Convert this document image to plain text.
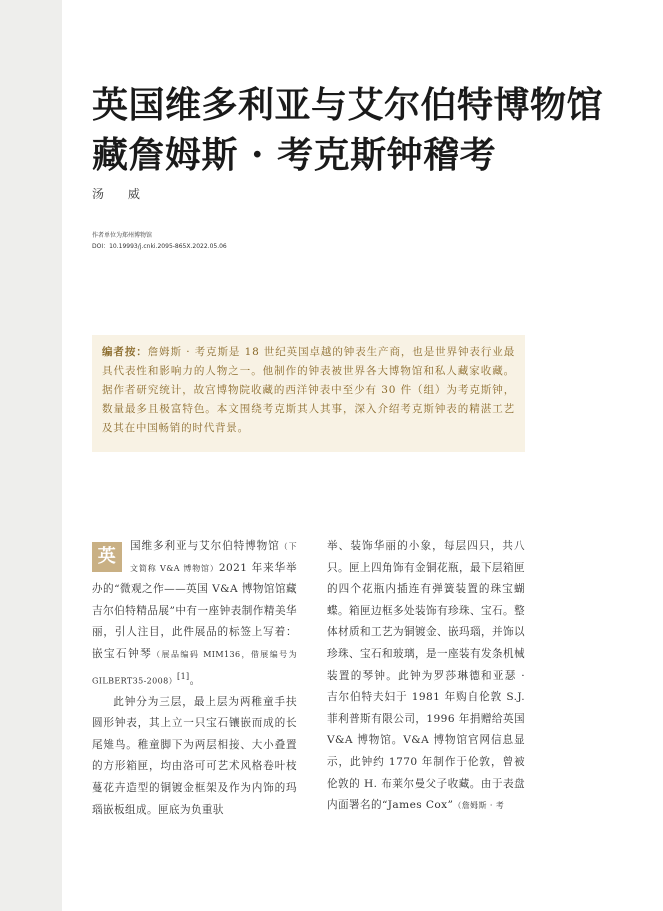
英国维多利亚与艾尔伯特博物馆
藏詹姆斯 · 考克斯钟稽考
汤 威
作者单位为郑州博物馆
DOI：10.19993/j.cnki.2095-865X.2022.05.06

编者按：詹姆斯 · 考克斯是 18 世纪英国卓越的钟表生产商，也是世界钟表行业最具代表性和影响力的人物之一。他制作的钟表被世界各大博物馆和私人藏家收藏。据作者研究统计，故宫博物院收藏的西洋钟表中至少有 30 件（组）为考克斯钟，数量最多且极富特色。本文围绕考克斯其人其事，深入介绍考克斯钟表的精湛工艺及其在中国畅销的时代背景。

英	国维多利亚与艾尔伯特博物馆（下文简称 V&A 博物馆）2021 年来华举办的“微观之作——英国 V&A 博物馆馆藏吉尔伯特精品展”中有一座钟表制作精美华丽，引人注目，此件展品的标签上写着：嵌宝石钟琴（展品编码 MIM136，借展编号为 GILBERT35-2008）[1]。

此钟分为三层，最上层为两稚童手扶圆形钟表，其上立一只宝石镶嵌而成的长尾雉鸟。稚童脚下为两层相接、大小叠置的方形箱匣，均由洛可可艺术风格卷叶枝蔓花卉造型的铜镀金框架及作为内饰的玛瑙嵌板组成。匣底为负重驮

举、装饰华丽的小象，每层四只，共八只。匣上四角饰有金铜花瓶，最下层箱匣的四个花瓶内插连有弹簧装置的珠宝蝴蝶。箱匣边框多处装饰有珍珠、宝石。整体材质和工艺为铜镀金、嵌玛瑙，并饰以珍珠、宝石和玻璃，是一座装有发条机械装置的琴钟。此钟为罗莎琳德和亚瑟 · 吉尔伯特夫妇于 1981 年购自伦敦 S.J. 菲利普斯有限公司，1996 年捐赠给英国 V&A 博物馆。V&A 博物馆官网信息显示，此钟约 1770 年制作于伦敦，曾被伦敦的 H. 布莱尔曼父子收藏。由于表盘内面署名的“James Cox”（詹姆斯 · 考
